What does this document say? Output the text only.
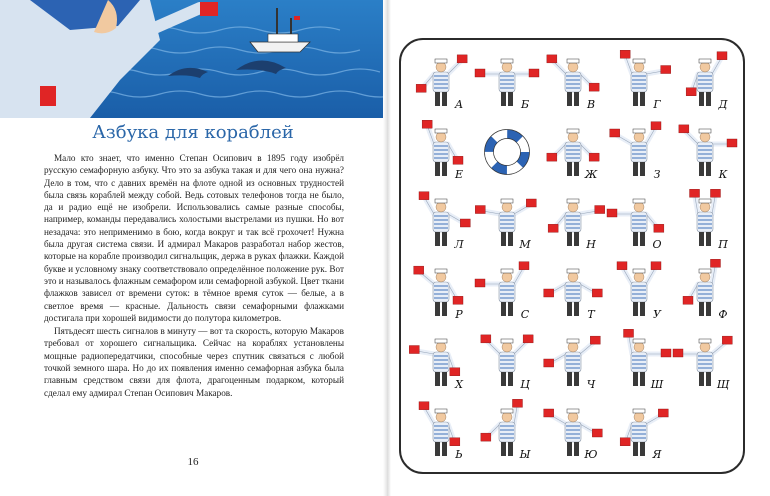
Азбука для кораблей

Мало кто знает, что именно Степан Осипович в 1895 году изобрёл русскую семафорную азбуку. Что это за азбука такая и для чего она нужна? Дело в том, что с давних времён на флоте одной из основных трудностей была связь кораблей между собой. Ведь сотовых телефонов тогда не было, да и радио ещё не изобрели. Использовались самые разные способы, например, команды передавались холостыми выстрелами из пушки. Но вот незадача: это неприменимо в бою, когда вокруг и так всё грохочет! Нужна была другая система связи. И адмирал Макаров разработал набор жестов, которые на корабле производил сигнальщик, держа в руках флажки. Каждой букве и условному знаку соответствовало определённое положение рук. Вот это и называлось флажным семафором или семафорной азбукой. Цвет ткани флажков зависел от времени суток: в тёмное время суток — белые, а в светлое время — красные. Дальность связи семафорными флажками достигала при хорошей видимости до полутора километров.

Пятьдесят шесть сигналов в минуту — вот та скорость, которую Макаров требовал от хорошего сигнальщика. Сейчас на кораблях установлены мощные радиопередатчики, способные через спутник связаться с любой точкой земного шара. Но до их появления именно семафорная азбука была главным средством связи для флота, драгоценным подарком, который сделал ему адмирал Степан Осипович Макаров.

16
А	Б	В	Г	Д
Е	Ж	З	К
Л	М	Н	О	П
Р	С	Т	У	Ф
Х	Ц	Ч	Ш	Щ
Ь	Ы	Ю	Я
